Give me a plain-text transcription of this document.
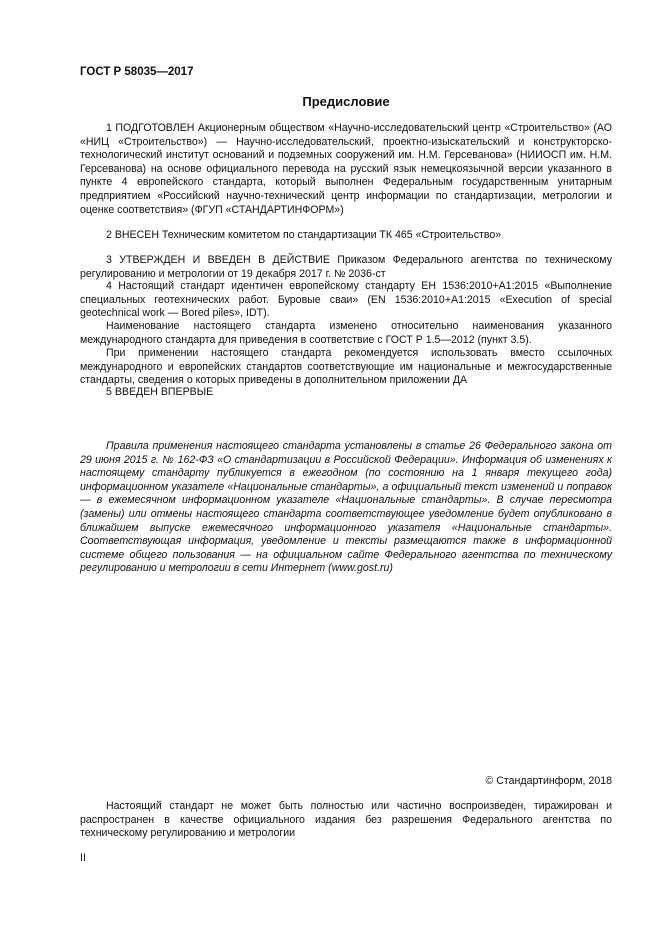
ГОСТ Р 58035—2017
Предисловие
1 ПОДГОТОВЛЕН Акционерным обществом «Научно-исследовательский центр «Строительство» (АО «НИЦ «Строительство») — Научно-исследовательский, проектно-изыскательский и конструкторско-технологический институт оснований и подземных сооружений им. Н.М. Герсеванова» (НИИОСП им. Н.М. Герсеванова) на основе официального перевода на русский язык немецкоязычной версии указанного в пункте 4 европейского стандарта, который выполнен Федеральным государственным унитарным предприятием «Российский научно-технический центр информации по стандартизации, метрологии и оценке соответствия» (ФГУП «СТАНДАРТИНФОРМ»)
2 ВНЕСЕН Техническим комитетом по стандартизации ТК 465 «Строительство»
3 УТВЕРЖДЕН И ВВЕДЕН В ДЕЙСТВИЕ Приказом Федерального агентства по техническому регулированию и метрологии от 19 декабря 2017 г. № 2036-ст
4 Настоящий стандарт идентичен европейскому стандарту ЕН 1536:2010+А1:2015 «Выполнение специальных геотехнических работ. Буровые сваи» (EN 1536:2010+A1:2015 «Execution of special geotechnical work — Bored piles», IDT).
Наименование настоящего стандарта изменено относительно наименования указанного международного стандарта для приведения в соответствие с ГОСТ Р 1.5—2012 (пункт 3.5).
При применении настоящего стандарта рекомендуется использовать вместо ссылочных международного и европейских стандартов соответствующие им национальные и межгосударственные стандарты, сведения о которых приведены в дополнительном приложении ДА
5 ВВЕДЕН ВПЕРВЫЕ
Правила применения настоящего стандарта установлены в статье 26 Федерального закона от 29 июня 2015 г. № 162-ФЗ «О стандартизации в Российской Федерации». Информация об изменениях к настоящему стандарту публикуется в ежегодном (по состоянию на 1 января текущего года) информационном указателе «Национальные стандарты», а официальный текст изменений и поправок — в ежемесячном информационном указателе «Национальные стандарты». В случае пересмотра (замены) или отмены настоящего стандарта соответствующее уведомление будет опубликовано в ближайшем выпуске ежемесячного информационного указателя «Национальные стандарты». Соответствующая информация, уведомление и тексты размещаются также в информационной системе общего пользования — на официальном сайте Федерального агентства по техническому регулированию и метрологии в сети Интернет (www.gost.ru)
© Стандартинформ, 2018
Настоящий стандарт не может быть полностью или частично воспроизведен, тиражирован и распространен в качестве официального издания без разрешения Федерального агентства по техническому регулированию и метрологии
II
